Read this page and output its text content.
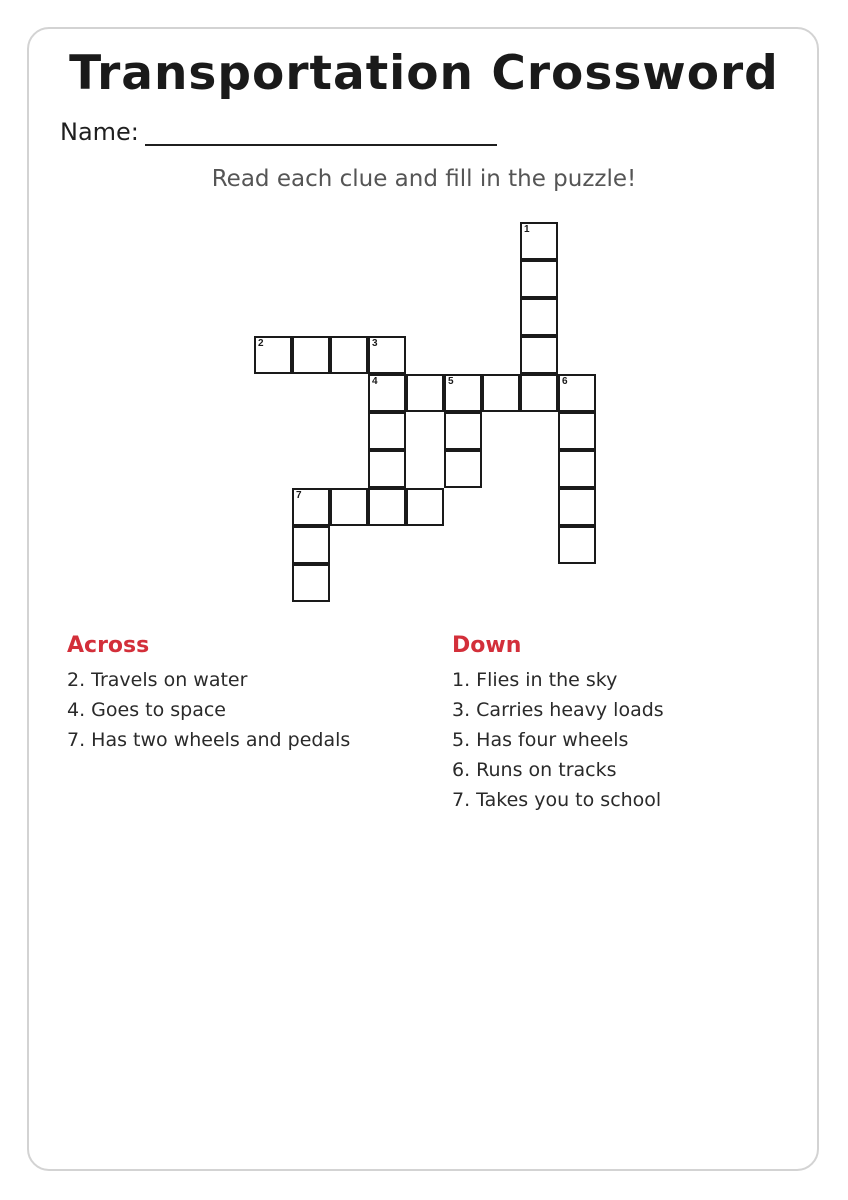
Transportation Crossword
Name:
Read each clue and fill in the puzzle!
1
2	3
4	5	6
7
Across
2. Travels on water
4. Goes to space
7. Has two wheels and pedals
Down
1. Flies in the sky
3. Carries heavy loads
5. Has four wheels
6. Runs on tracks
7. Takes you to school
